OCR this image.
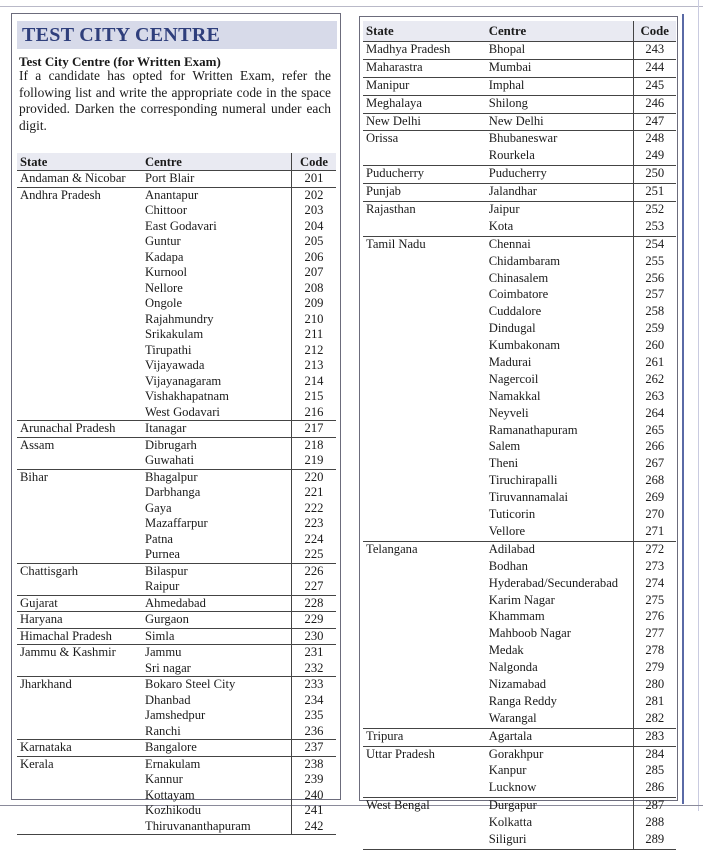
TEST CITY CENTRE
Test City Centre (for Written Exam)
If a candidate has opted for Written Exam, refer the following list and write the appropriate code in the space provided. Darken the corresponding numeral under each digit.
State	Centre	Code
Andaman & Nicobar	Port Blair	201
Andhra Pradesh	Anantapur	202
	Chittoor	203
	East Godavari	204
	Guntur	205
	Kadapa	206
	Kurnool	207
	Nellore	208
	Ongole	209
	Rajahmundry	210
	Srikakulam	211
	Tirupathi	212
	Vijayawada	213
	Vijayanagaram	214
	Vishakhapatnam	215
	West Godavari	216
Arunachal Pradesh	Itanagar	217
Assam	Dibrugarh	218
	Guwahati	219
Bihar	Bhagalpur	220
	Darbhanga	221
	Gaya	222
	Mazaffarpur	223
	Patna	224
	Purnea	225
Chattisgarh	Bilaspur	226
	Raipur	227
Gujarat	Ahmedabad	228
Haryana	Gurgaon	229
Himachal Pradesh	Simla	230
Jammu & Kashmir	Jammu	231
	Sri nagar	232
Jharkhand	Bokaro Steel City	233
	Dhanbad	234
	Jamshedpur	235
	Ranchi	236
Karnataka	Bangalore	237
Kerala	Ernakulam	238
	Kannur	239
	Kottayam	240
	Kozhikodu	241
	Thiruvananthapuram	242
State	Centre	Code
Madhya Pradesh	Bhopal	243
Maharastra	Mumbai	244
Manipur	Imphal	245
Meghalaya	Shilong	246
New Delhi	New Delhi	247
Orissa	Bhubaneswar	248
	Rourkela	249
Puducherry	Puducherry	250
Punjab	Jalandhar	251
Rajasthan	Jaipur	252
	Kota	253
Tamil Nadu	Chennai	254
	Chidambaram	255
	Chinasalem	256
	Coimbatore	257
	Cuddalore	258
	Dindugal	259
	Kumbakonam	260
	Madurai	261
	Nagercoil	262
	Namakkal	263
	Neyveli	264
	Ramanathapuram	265
	Salem	266
	Theni	267
	Tiruchirapalli	268
	Tiruvannamalai	269
	Tuticorin	270
	Vellore	271
Telangana	Adilabad	272
	Bodhan	273
	Hyderabad/Secunderabad	274
	Karim Nagar	275
	Khammam	276
	Mahboob Nagar	277
	Medak	278
	Nalgonda	279
	Nizamabad	280
	Ranga Reddy	281
	Warangal	282
Tripura	Agartala	283
Uttar Pradesh	Gorakhpur	284
	Kanpur	285
	Lucknow	286
West Bengal	Durgapur	287
	Kolkatta	288
	Siliguri	289
